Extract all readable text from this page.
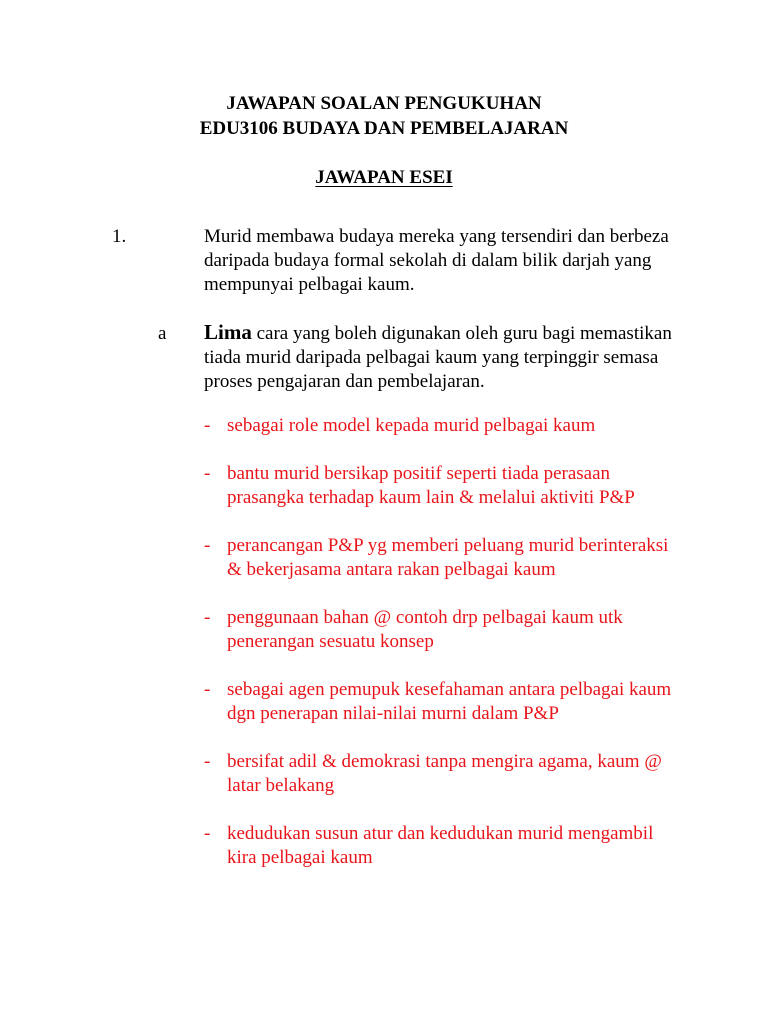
JAWAPAN SOALAN PENGUKUHAN
EDU3106 BUDAYA DAN PEMBELAJARAN
JAWAPAN ESEI
1.	Murid membawa budaya mereka yang tersendiri dan berbeza daripada budaya formal sekolah di dalam bilik darjah yang mempunyai pelbagai kaum.

a Lima cara yang boleh digunakan oleh guru bagi memastikan tiada murid daripada pelbagai kaum yang terpinggir semasa proses pengajaran dan pembelajaran.

- sebagai role model kepada murid pelbagai kaum
- bantu murid bersikap positif seperti tiada perasaan prasangka terhadap kaum lain & melalui aktiviti P&P
- perancangan P&P yg memberi peluang murid berinteraksi & bekerjasama antara rakan pelbagai kaum
- penggunaan bahan @ contoh drp pelbagai kaum utk penerangan sesuatu konsep
- sebagai agen pemupuk kesefahaman antara pelbagai kaum dgn penerapan nilai-nilai murni dalam P&P
- bersifat adil & demokrasi tanpa mengira agama, kaum @ latar belakang
- kedudukan susun atur dan kedudukan murid mengambil kira pelbagai kaum
